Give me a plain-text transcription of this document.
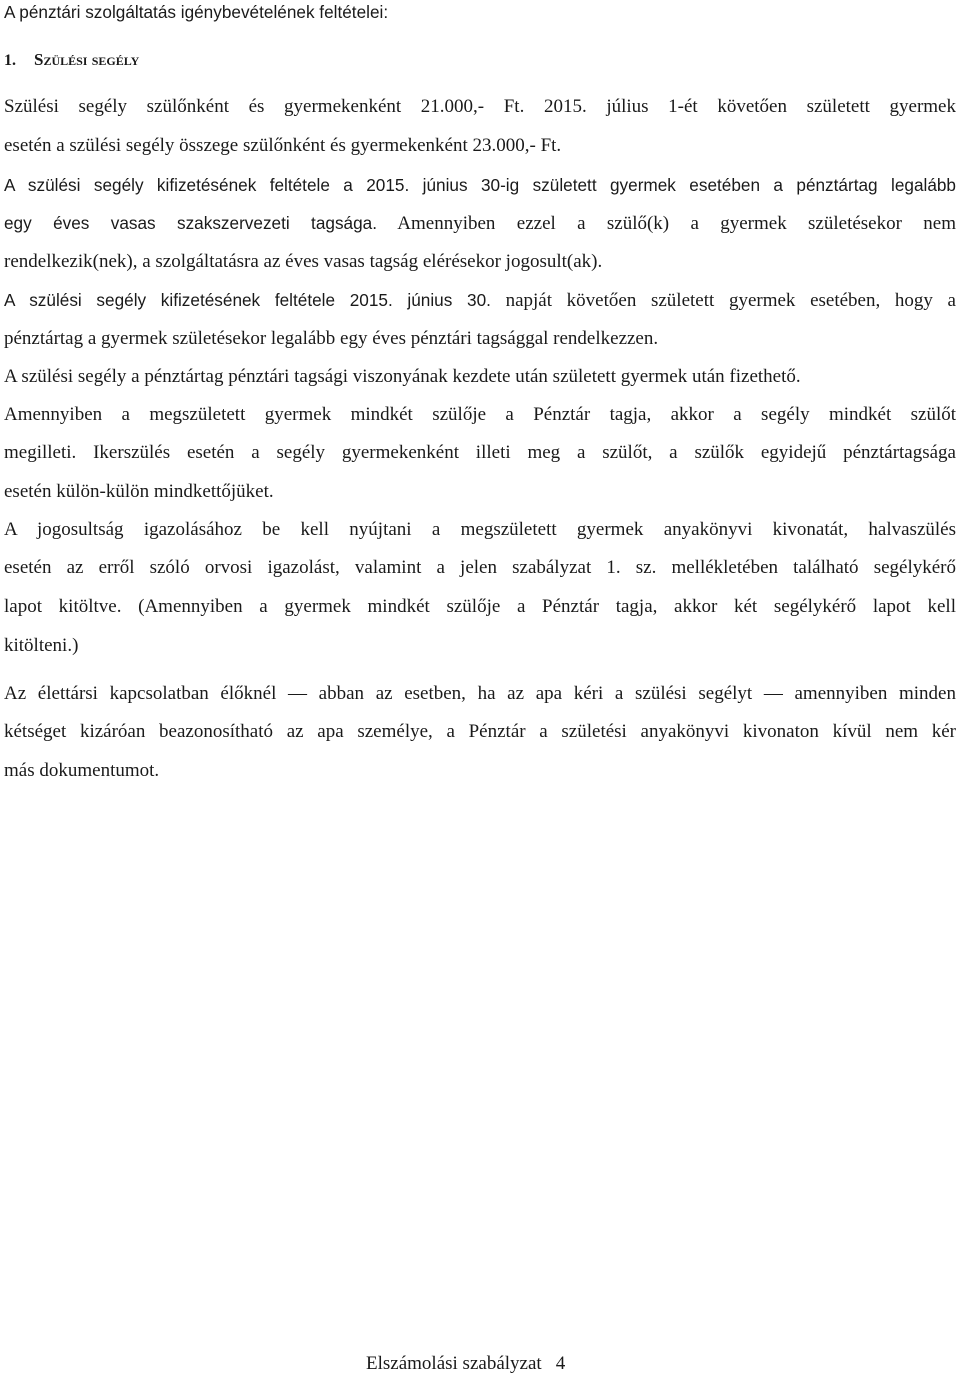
A pénztári szolgáltatás igénybevételének feltételei:
1. Szülési segély
Szülési segély szülőnként és gyermekenként 21.000,- Ft. 2015. július 1-ét követően született gyermek
esetén a szülési segély összege szülőnként és gyermekenként 23.000,- Ft.
A szülési segély kifizetésének feltétele a 2015. június 30-ig született gyermek esetében a pénztártag legalább
egy éves vasas szakszervezeti tagsága. Amennyiben ezzel a szülő(k) a gyermek születésekor nem
rendelkezik(nek), a szolgáltatásra az éves vasas tagság elérésekor jogosult(ak).
A szülési segély kifizetésének feltétele 2015. június 30. napját követően született gyermek esetében, hogy a
pénztártag a gyermek születésekor legalább egy éves pénztári tagsággal rendelkezzen.
A szülési segély a pénztártag pénztári tagsági viszonyának kezdete után született gyermek után fizethető.
Amennyiben a megszületett gyermek mindkét szülője a Pénztár tagja, akkor a segély mindkét szülőt
megilleti. Ikerszülés esetén a segély gyermekenként illeti meg a szülőt, a szülők egyidejű pénztártagsága
esetén külön-külön mindkettőjüket.
A jogosultság igazolásához be kell nyújtani a megszületett gyermek anyakönyvi kivonatát, halvaszülés
esetén az erről szóló orvosi igazolást, valamint a jelen szabályzat 1. sz. mellékletében található segélykérő
lapot kitöltve. (Amennyiben a gyermek mindkét szülője a Pénztár tagja, akkor két segélykérő lapot kell
kitölteni.)
Az élettársi kapcsolatban élőknél — abban az esetben, ha az apa kéri a szülési segélyt — amennyiben minden
kétséget kizáróan beazonosítható az apa személye, a Pénztár a születési anyakönyvi kivonaton kívül nem kér
más dokumentumot.
Elszámolási szabályzat 4
